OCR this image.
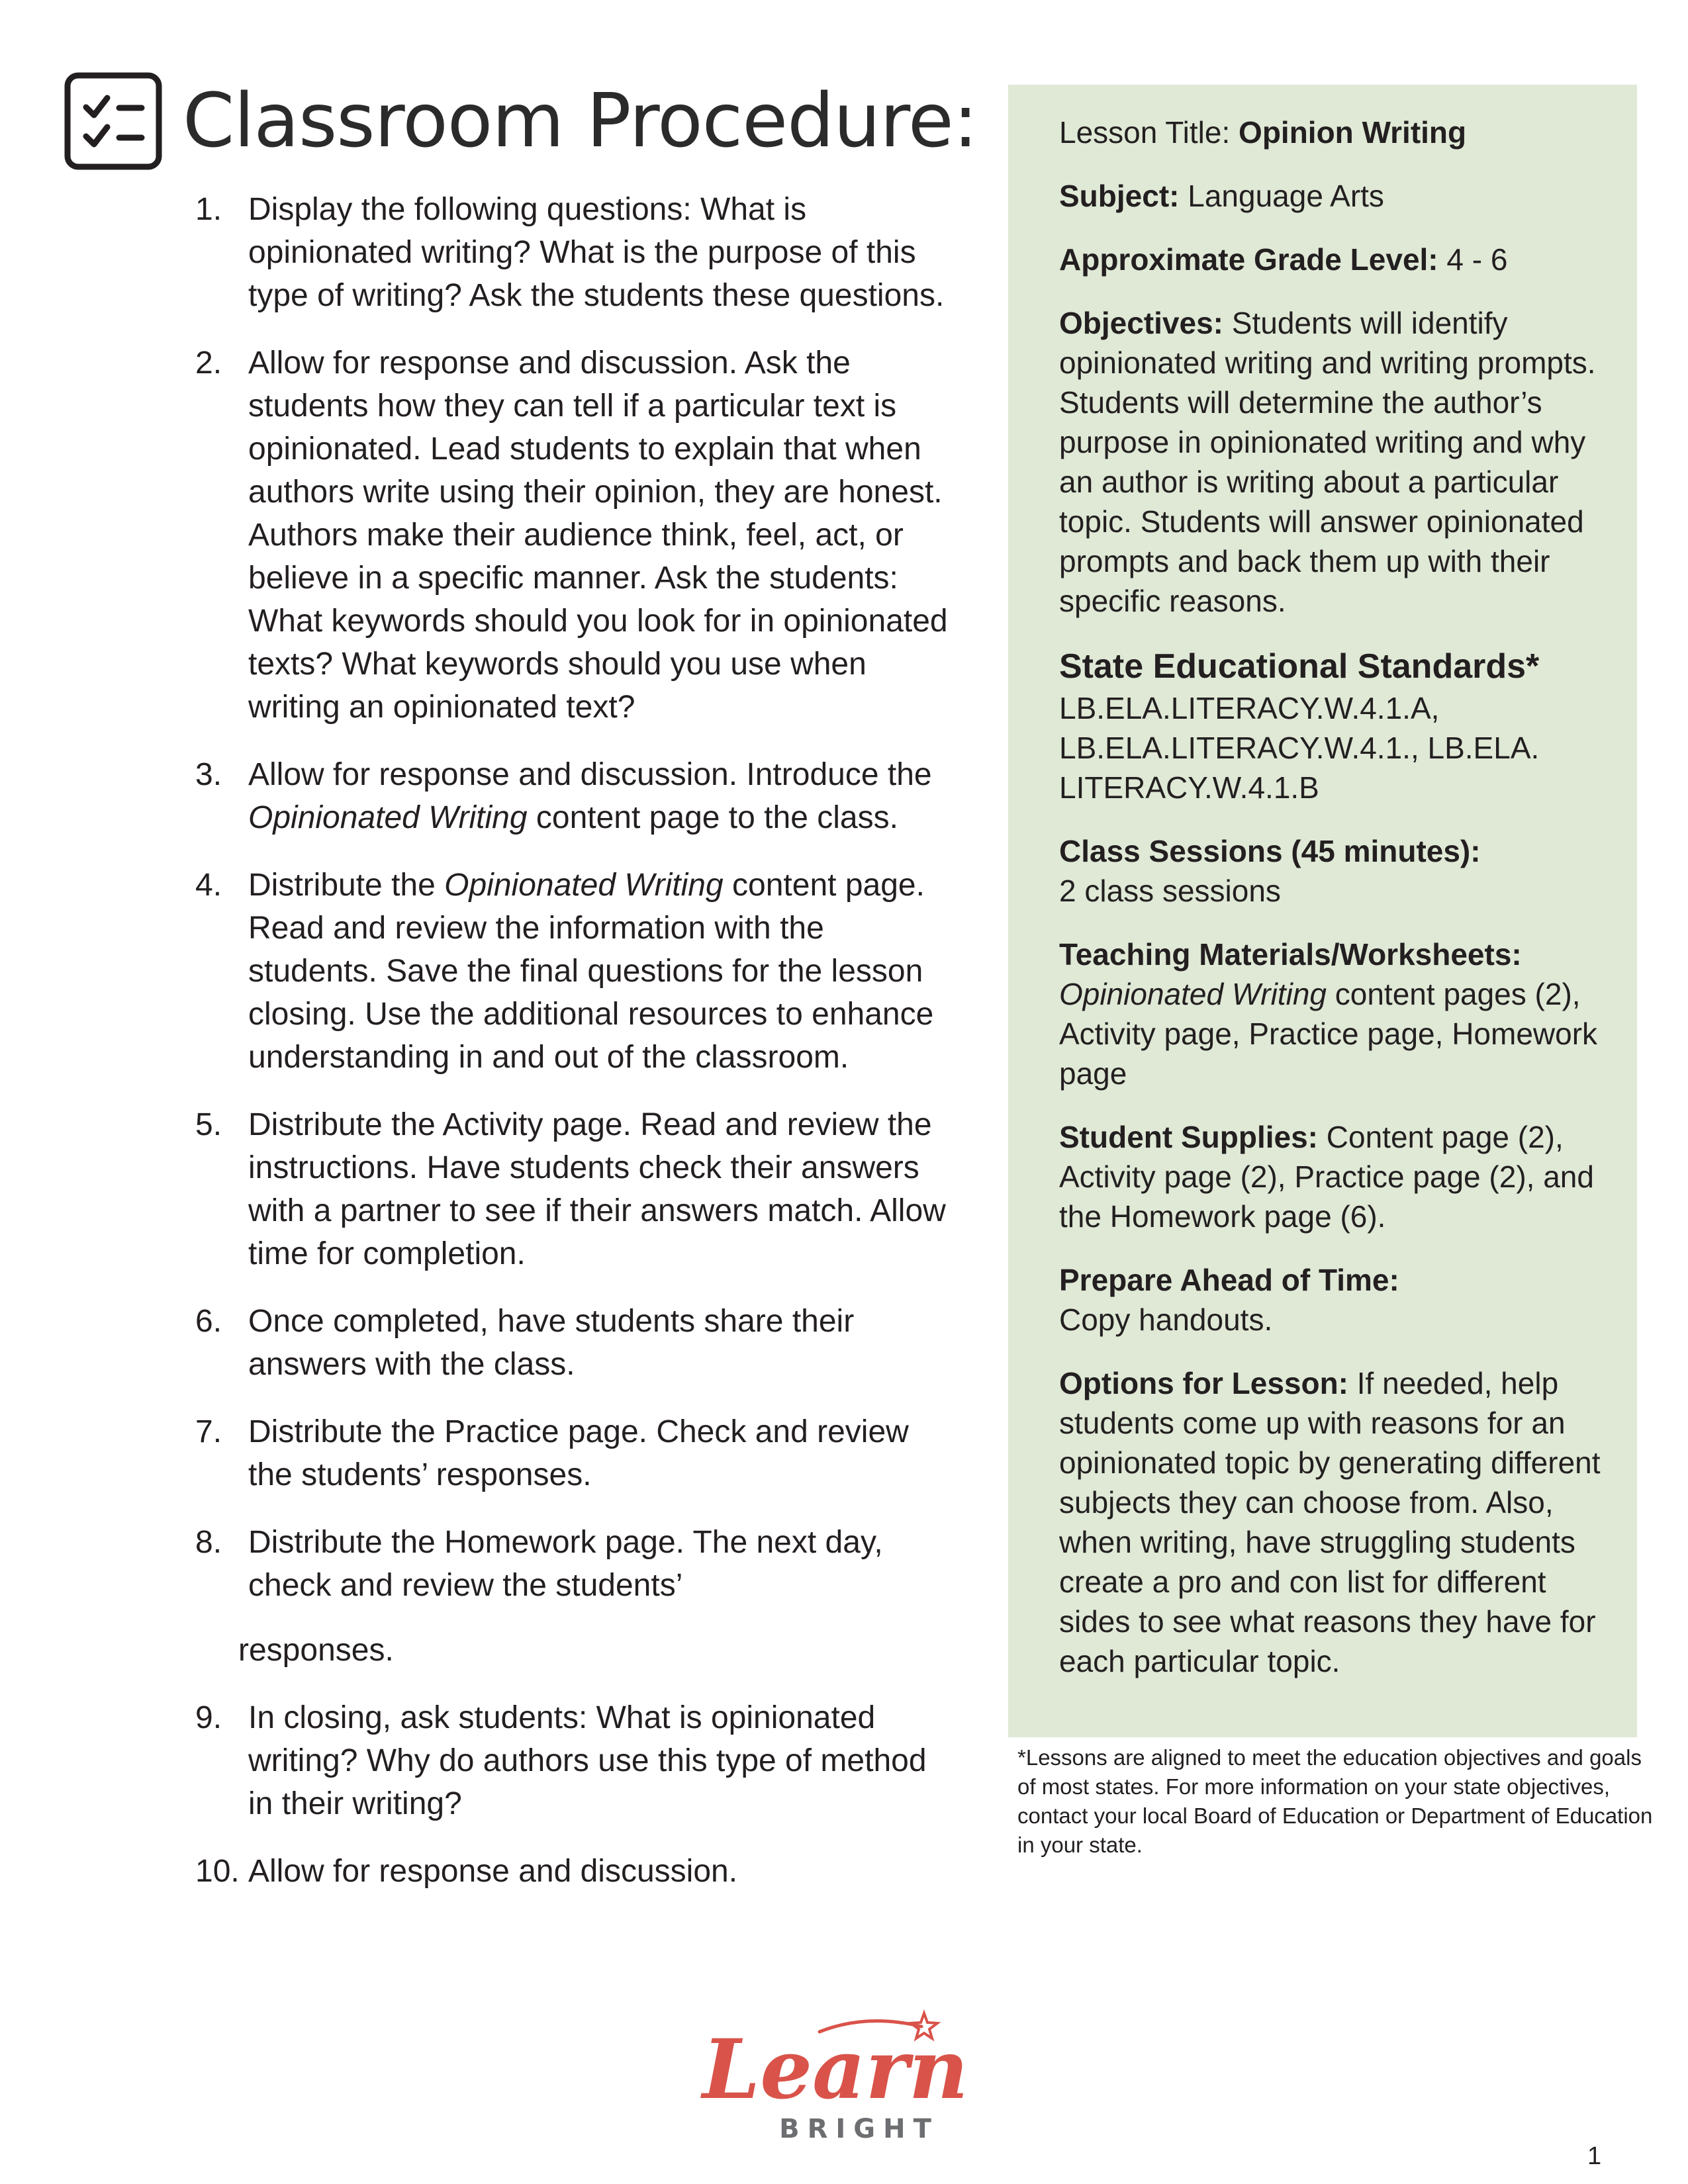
Classroom Procedure:
1. Display the following questions: What is opinionated writing? What is the purpose of this type of writing? Ask the students these questions.
2. Allow for response and discussion. Ask the students how they can tell if a particular text is opinionated. Lead students to explain that when authors write using their opinion, they are honest. Authors make their audience think, feel, act, or believe in a specific manner. Ask the students: What keywords should you look for in opinionated texts? What keywords should you use when writing an opinionated text?
3. Allow for response and discussion. Introduce the Opinionated Writing content page to the class.
4. Distribute the Opinionated Writing content page. Read and review the information with the students. Save the final questions for the lesson closing. Use the additional resources to enhance understanding in and out of the classroom.
5. Distribute the Activity page. Read and review the instructions. Have students check their answers with a partner to see if their answers match. Allow time for completion.
6. Once completed, have students share their answers with the class.
7. Distribute the Practice page. Check and review the students’ responses.
8. Distribute the Homework page. The next day, check and review the students’
responses.
9. In closing, ask students: What is opinionated writing? Why do authors use this type of method in their writing?
10. Allow for response and discussion.

Lesson Title: Opinion Writing

Subject: Language Arts

Approximate Grade Level: 4 - 6

Objectives: Students will identify opinionated writing and writing prompts. Students will determine the author’s purpose in opinionated writing and why an author is writing about a particular topic. Students will answer opinionated prompts and back them up with their specific reasons.

State Educational Standards*
LB.ELA.LITERACY.W.4.1.A, LB.ELA.LITERACY.W.4.1., LB.ELA. LITERACY.W.4.1.B

Class Sessions (45 minutes):
2 class sessions

Teaching Materials/Worksheets:
Opinionated Writing content pages (2), Activity page, Practice page, Homework page

Student Supplies: Content page (2), Activity page (2), Practice page (2), and the Homework page (6).

Prepare Ahead of Time:
Copy handouts.

Options for Lesson: If needed, help students come up with reasons for an opinionated topic by generating different subjects they can choose from. Also, when writing, have struggling students create a pro and con list for different sides to see what reasons they have for each particular topic.

*Lessons are aligned to meet the education objectives and goals of most states. For more information on your state objectives, contact your local Board of Education or Department of Education in your state.

Learn
BRIGHT
1
